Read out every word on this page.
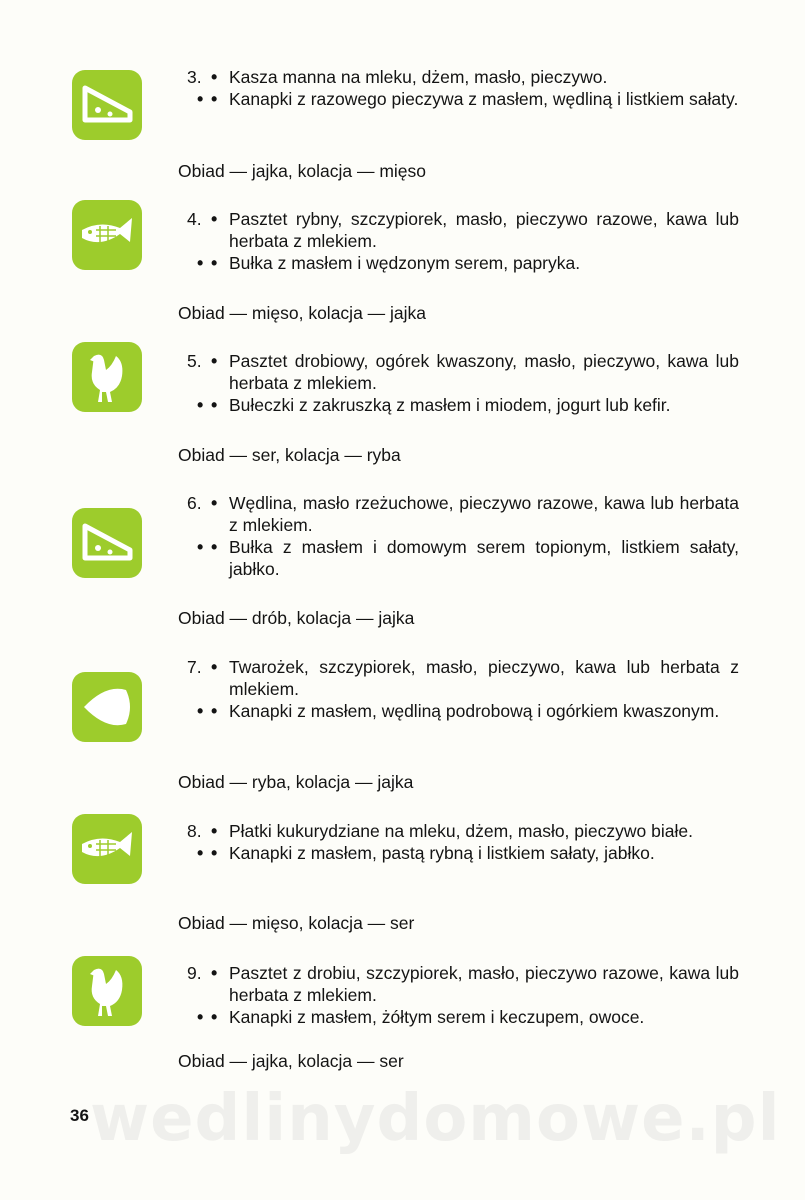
3. • Kasza manna na mleku, dżem, masło, pieczywo.
• • Kanapki z razowego pieczywa z masłem, wędliną i listkiem sałaty.
Obiad — jajka, kolacja — mięso
4. • Pasztet rybny, szczypiorek, masło, pieczywo razowe, kawa lub herbata z mlekiem.
• • Bułka z masłem i wędzonym serem, papryka.
Obiad — mięso, kolacja — jajka
5. • Pasztet drobiowy, ogórek kwaszony, masło, pieczywo, kawa lub herbata z mlekiem.
• • Bułeczki z zakruszką z masłem i miodem, jogurt lub kefir.
Obiad — ser, kolacja — ryba
6. • Wędlina, masło rzeżuchowe, pieczywo razowe, kawa lub herbata z mlekiem.
• • Bułka z masłem i domowym serem topionym, listkiem sałaty, jabłko.
Obiad — drób, kolacja — jajka
7. • Twarożek, szczypiorek, masło, pieczywo, kawa lub herbata z mlekiem.
• • Kanapki z masłem, wędliną podrobową i ogórkiem kwaszonym.
Obiad — ryba, kolacja — jajka
8. • Płatki kukurydziane na mleku, dżem, masło, pieczywo białe.
• • Kanapki z masłem, pastą rybną i listkiem sałaty, jabłko.
Obiad — mięso, kolacja — ser
9. • Pasztet z drobiu, szczypiorek, masło, pieczywo razowe, kawa lub herbata z mlekiem.
• • Kanapki z masłem, żółtym serem i keczupem, owoce.
Obiad — jajka, kolacja — ser
wedlinydomowe.pl
36
